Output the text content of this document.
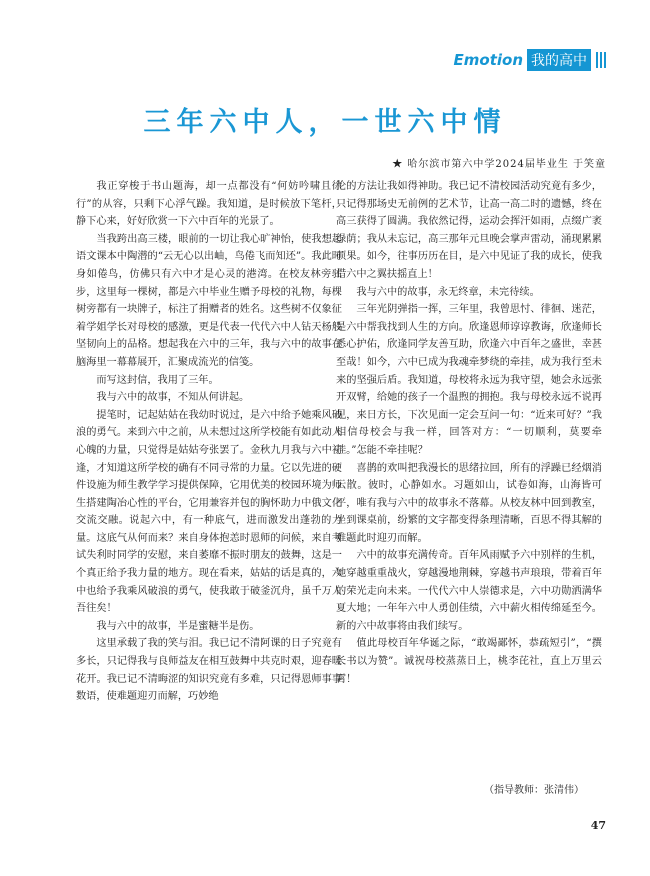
Emotion 我的高中
三年六中人，一世六中情
★ 哈尔滨市第六中学2024届毕业生 于笑童

我正穿梭于书山题海，却一点都没有“何妨吟啸且徐行”的从容，只剩下心浮气躁。我知道，是时候放下笔杆，静下心来，好好欣赏一下六中百年的光景了。

当我跨出高三楼，眼前的一切让我心旷神怡，使我想起语文课本中陶潜的“云无心以出岫，鸟倦飞而知还”。我此时身如倦鸟，仿佛只有六中才是心灵的港湾。在校友林旁驻步，这里每一棵树，都是六中毕业生赠予母校的礼物，每棵树旁都有一块牌子，标注了捐赠者的姓名。这些树不仅象征着学姐学长对母校的感激，更是代表一代代六中人钻天杨般坚韧向上的品格。想起我在六中的三年，我与六中的故事在脑海里一幕幕展开，汇聚成流光的信笺。

而写这封信，我用了三年。

我与六中的故事，不知从何讲起。

提笔时，记起姑姑在我幼时说过，是六中给予她乘风破浪的勇气。来到六中之前，从未想过这所学校能有如此动人心魄的力量，只觉得是姑姑夸张罢了。金秋九月我与六中初逢，才知道这所学校的确有不同寻常的力量。它以先进的硬件设施为师生教学学习提供保障，它用优美的校园环境为师生搭建陶冶心性的平台，它用兼容并包的胸怀助力中俄文化交流交融。说起六中，有一种底气，进而激发出蓬勃的力量。这底气从何而来？来自身体抱恙时恩师的问候，来自考试失利时同学的安慰，来自萎靡不振时朋友的鼓舞，这是一个真正给予我力量的地方。现在看来，姑姑的话是真的，六中也给予我乘风破浪的勇气，使我敢于破釜沉舟，虽千万人吾往矣！

我与六中的故事，半是蜜糖半是伤。

这里承载了我的笑与泪。我已记不清阿课的日子究竟有多长，只记得我与良师益友在相互鼓舞中共克时艰，迎春暖花开。我已记不清晦涩的知识究竟有多难，只记得恩师事事数语，使难题迎刃而解，巧妙绝

伦的方法让我如得神助。我已记不清校园活动究竟有多少，只记得那场史无前例的艺术节，让高一高二时的遗憾，终在高三获得了圆满。我依然记得，运动会挥汗如雨，点缀广袤绿荫；我从未忘记，高三那年元旦晚会掌声雷动，涌现累累硕果。如今，往事历历在目，是六中见证了我的成长，使我借六中之翼扶摇直上！

我与六中的故事，永无终章，未完待续。

三年光阴弹指一挥，三年里，我曾思忖、徘徊、迷茫，是六中帮我找到人生的方向。欣逢恩师谆谆教诲，欣逢师长悉心护佑，欣逢同学友善互助，欣逢六中百年之盛世，幸甚至哉！如今，六中已成为我魂牵梦绕的牵挂，成为我行至未来的坚强后盾。我知道，母校将永远为我守望，她会永远张开双臂，给她的孩子一个温煦的拥抱。我与母校永远不说再见，来日方长，下次见面一定会互问一句：“近来可好？”我相信母校会与我一样，回答对方：“一切顺利，莫要牵挂。”怎能不牵挂呢？

喜鹊的欢叫把我漫长的思绪拉回，所有的浮躁已经烟消云散。彼时，心静如水。习题如山，试卷如海，山海皆可平，唯有我与六中的故事永不落幕。从校友林中回到教室，坐到课桌前，纷繁的文字都变得条理清晰，百思不得其解的难题此时迎刃而解。

六中的故事充满传奇。百年风雨赋予六中别样的生机，她穿越重重战火，穿越漫地荆棘，穿越书声琅琅，带着百年的荣光走向未来。一代代六中人崇德求是，六中功勋洒满华夏大地；一年年六中人勇创佳绩，六中薪火相传绵延至今。新的六中故事将由我们续写。

值此母校百年华诞之际，“敢竭鄙怀，恭疏短引”，“撰长书以为赞”。诚祝母校蒸蒸日上，桃李芘社，直上万里云霄！

（指导教师：张清伟）
47
